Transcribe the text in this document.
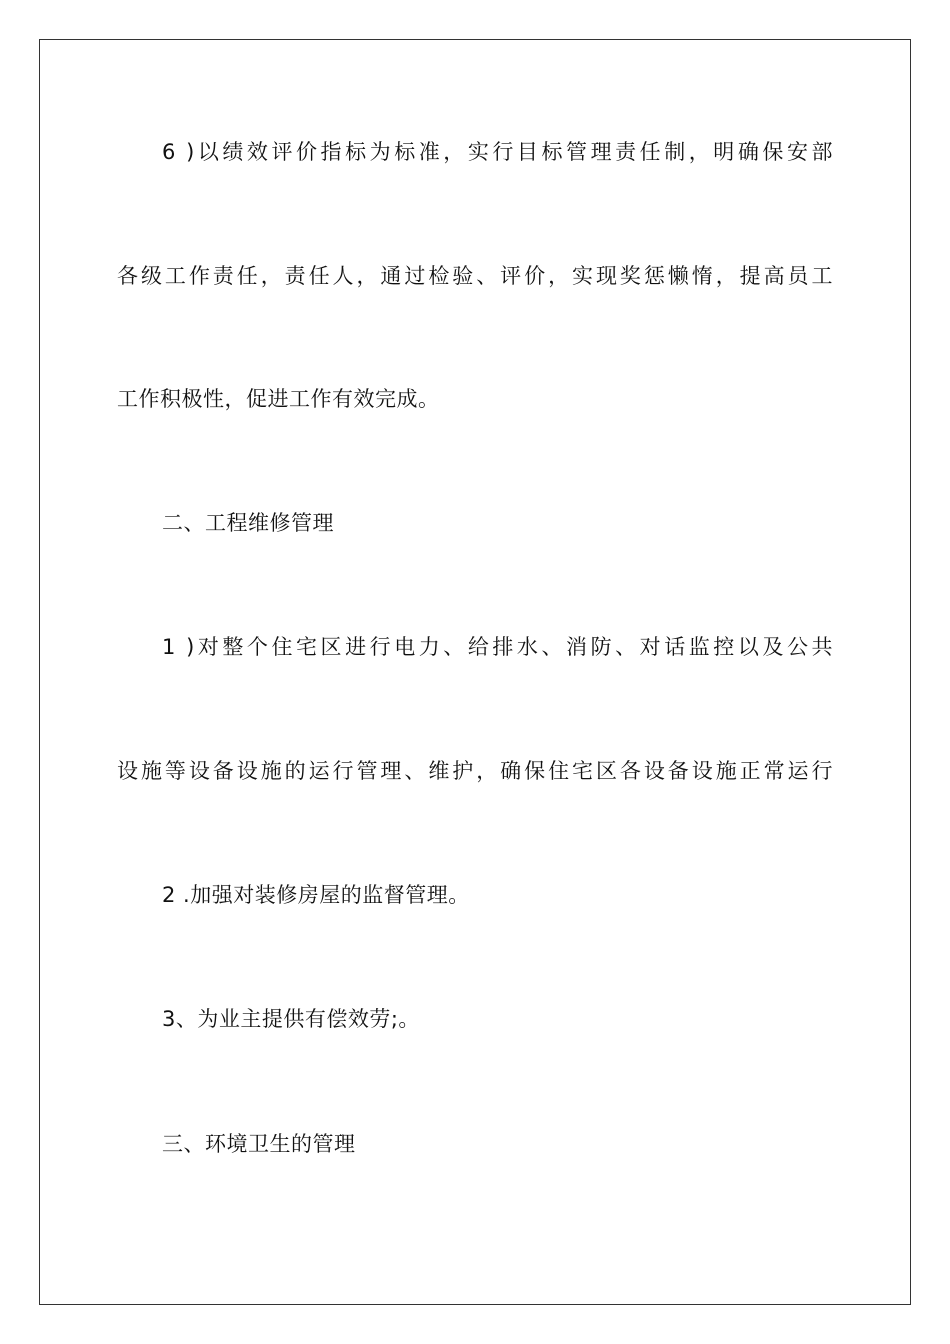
6 )以绩效评价指标为标准，实行目标管理责任制，明确保安部
各级工作责任，责任人，通过检验、评价，实现奖惩懒惰，提高员工
工作积极性，促进工作有效完成。
二、工程维修管理
1 )对整个住宅区进行电力、给排水、消防、对话监控以及公共
设施等设备设施的运行管理、维护，确保住宅区各设备设施正常运行
2 .加强对装修房屋的监督管理。
3、为业主提供有偿效劳;。
三、环境卫生的管理
